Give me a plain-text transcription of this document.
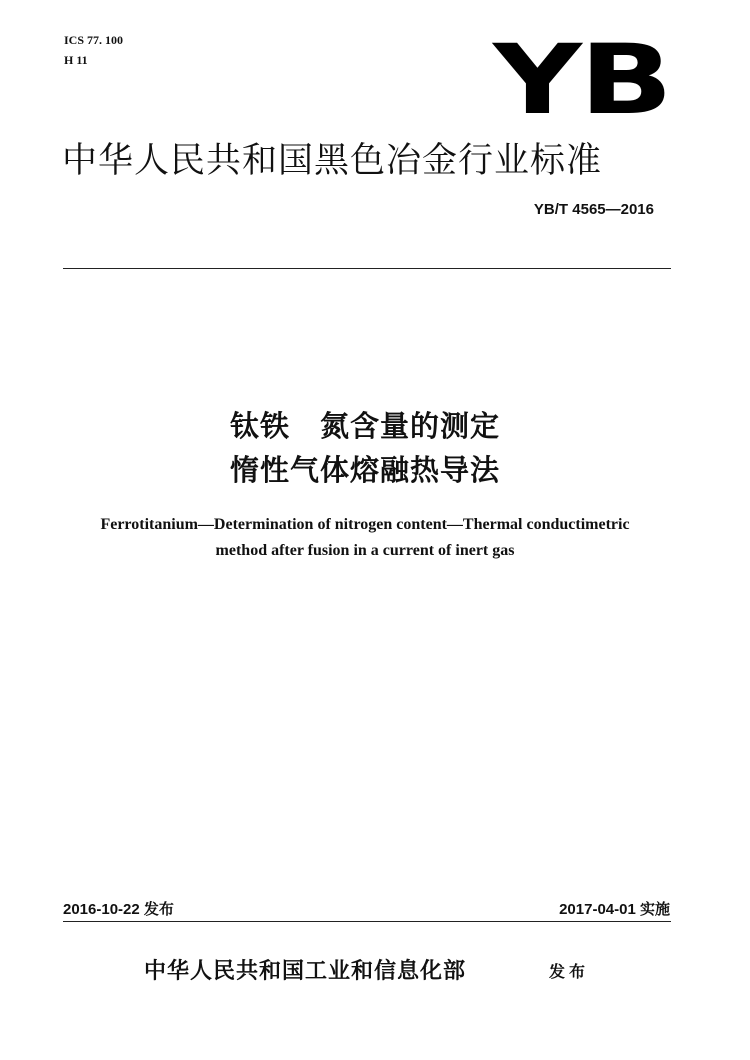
ICS 77. 100
H 11	YB
中华人民共和国黑色冶金行业标准
YB/T 4565—2016
钛铁　氮含量的测定
惰性气体熔融热导法
Ferrotitanium—Determination of nitrogen content—Thermal conductimetric
method after fusion in a current of inert gas
2016-10-22 发布	2017-04-01 实施
中华人民共和国工业和信息化部	发布
